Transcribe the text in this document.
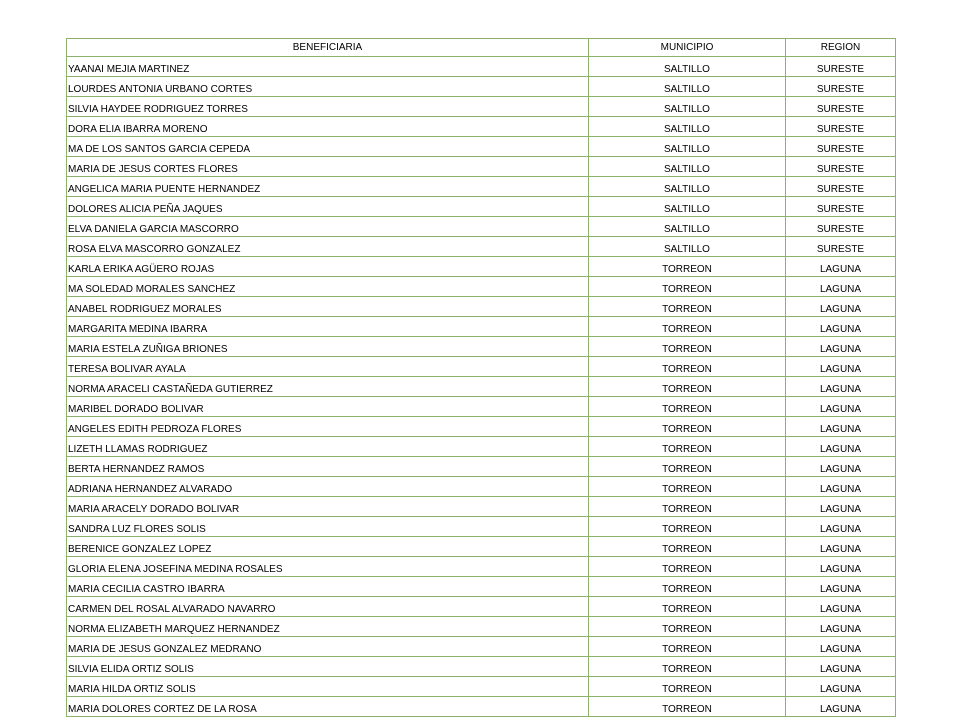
BENEFICIARIA	MUNICIPIO	REGION
YAANAI MEJIA MARTINEZ	SALTILLO	SURESTE
LOURDES ANTONIA URBANO CORTES	SALTILLO	SURESTE
SILVIA HAYDEE RODRIGUEZ TORRES	SALTILLO	SURESTE
DORA ELIA IBARRA MORENO	SALTILLO	SURESTE
MA DE LOS SANTOS GARCIA CEPEDA	SALTILLO	SURESTE
MARIA DE JESUS CORTES FLORES	SALTILLO	SURESTE
ANGELICA MARIA PUENTE HERNANDEZ	SALTILLO	SURESTE
DOLORES ALICIA PEÑA JAQUES	SALTILLO	SURESTE
ELVA DANIELA GARCIA MASCORRO	SALTILLO	SURESTE
ROSA ELVA MASCORRO GONZALEZ	SALTILLO	SURESTE
KARLA ERIKA AGÜERO ROJAS	TORREON	LAGUNA
MA SOLEDAD MORALES SANCHEZ	TORREON	LAGUNA
ANABEL RODRIGUEZ MORALES	TORREON	LAGUNA
MARGARITA MEDINA IBARRA	TORREON	LAGUNA
MARIA ESTELA ZUÑIGA BRIONES	TORREON	LAGUNA
TERESA BOLIVAR AYALA	TORREON	LAGUNA
NORMA ARACELI CASTAÑEDA GUTIERREZ	TORREON	LAGUNA
MARIBEL DORADO BOLIVAR	TORREON	LAGUNA
ANGELES EDITH PEDROZA FLORES	TORREON	LAGUNA
LIZETH LLAMAS RODRIGUEZ	TORREON	LAGUNA
BERTA HERNANDEZ RAMOS	TORREON	LAGUNA
ADRIANA HERNANDEZ ALVARADO	TORREON	LAGUNA
MARIA ARACELY DORADO BOLIVAR	TORREON	LAGUNA
SANDRA LUZ FLORES SOLIS	TORREON	LAGUNA
BERENICE GONZALEZ LOPEZ	TORREON	LAGUNA
GLORIA ELENA JOSEFINA MEDINA ROSALES	TORREON	LAGUNA
MARIA CECILIA CASTRO IBARRA	TORREON	LAGUNA
CARMEN DEL ROSAL ALVARADO NAVARRO	TORREON	LAGUNA
NORMA ELIZABETH MARQUEZ HERNANDEZ	TORREON	LAGUNA
MARIA DE JESUS GONZALEZ MEDRANO	TORREON	LAGUNA
SILVIA ELIDA ORTIZ SOLIS	TORREON	LAGUNA
MARIA HILDA ORTIZ SOLIS	TORREON	LAGUNA
MARIA DOLORES CORTEZ DE LA ROSA	TORREON	LAGUNA
